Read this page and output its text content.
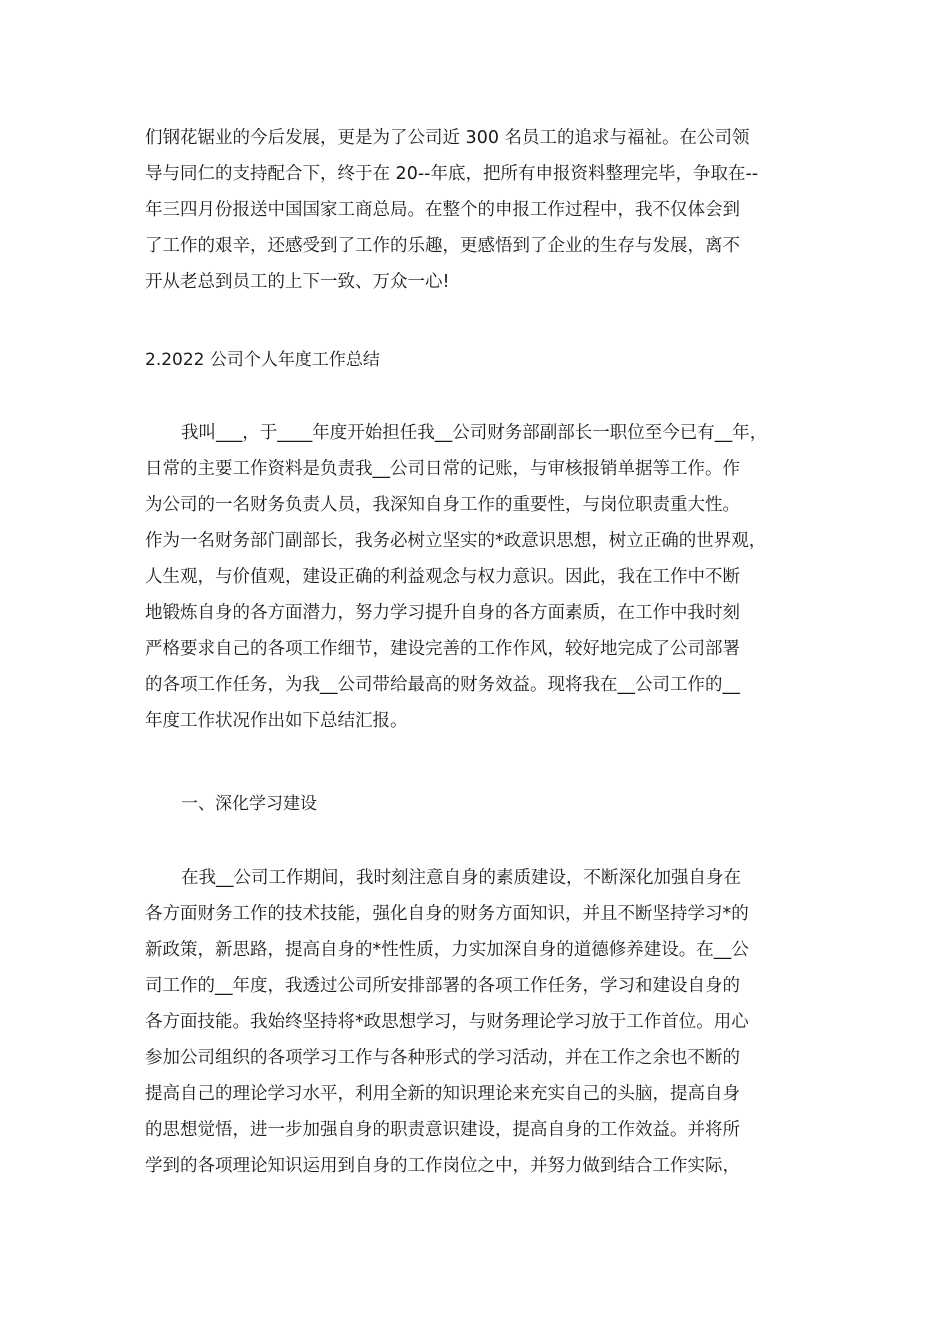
们钢花锯业的今后发展，更是为了公司近 300 名员工的追求与福祉。在公司领
导与同仁的支持配合下，终于在 20--年底，把所有申报资料整理完毕，争取在--
年三四月份报送中国国家工商总局。在整个的申报工作过程中，我不仅体会到
了工作的艰辛，还感受到了工作的乐趣，更感悟到了企业的生存与发展，离不
开从老总到员工的上下一致、万众一心!
2.2022 公司个人年度工作总结
我叫___，于____年度开始担任我__公司财务部副部长一职位至今已有__年，
日常的主要工作资料是负责我__公司日常的记账，与审核报销单据等工作。作
为公司的一名财务负责人员，我深知自身工作的重要性，与岗位职责重大性。
作为一名财务部门副部长，我务必树立坚实的*政意识思想，树立正确的世界观，
人生观，与价值观，建设正确的利益观念与权力意识。因此，我在工作中不断
地锻炼自身的各方面潜力，努力学习提升自身的各方面素质，在工作中我时刻
严格要求自己的各项工作细节，建设完善的工作作风，较好地完成了公司部署
的各项工作任务，为我__公司带给最高的财务效益。现将我在__公司工作的__
年度工作状况作出如下总结汇报。
一、深化学习建设
在我__公司工作期间，我时刻注意自身的素质建设，不断深化加强自身在
各方面财务工作的技术技能，强化自身的财务方面知识，并且不断坚持学习*的
新政策，新思路，提高自身的*性性质，力实加深自身的道德修养建设。在__公
司工作的__年度，我透过公司所安排部署的各项工作任务，学习和建设自身的
各方面技能。我始终坚持将*政思想学习，与财务理论学习放于工作首位。用心
参加公司组织的各项学习工作与各种形式的学习活动，并在工作之余也不断的
提高自己的理论学习水平，利用全新的知识理论来充实自己的头脑，提高自身
的思想觉悟，进一步加强自身的职责意识建设，提高自身的工作效益。并将所
学到的各项理论知识运用到自身的工作岗位之中，并努力做到结合工作实际，
